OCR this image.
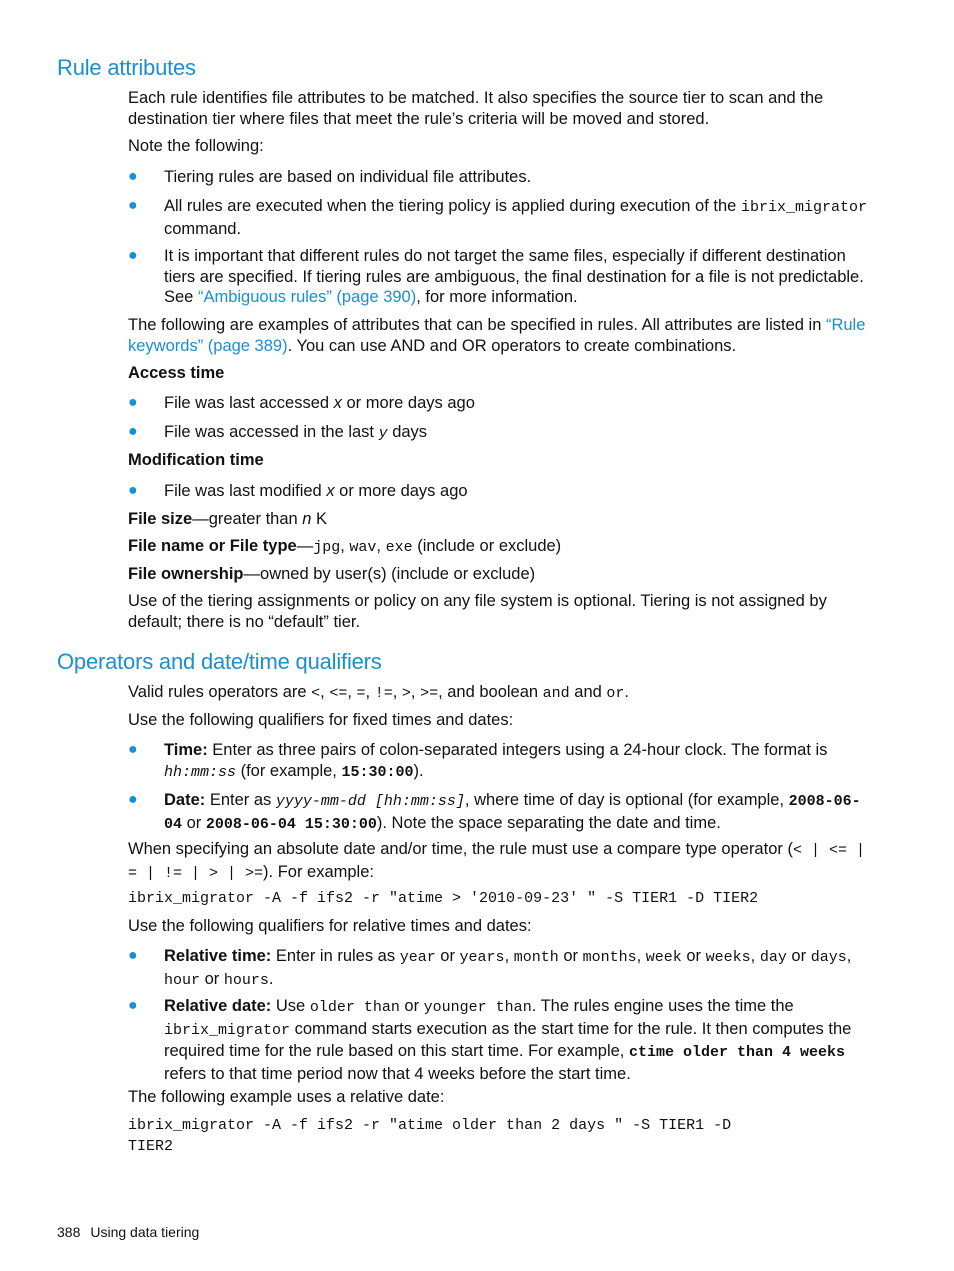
Rule attributes

Each rule identifies file attributes to be matched. It also specifies the source tier to scan and the destination tier where files that meet the rule’s criteria will be moved and stored.

Note the following:

● Tiering rules are based on individual file attributes.

● All rules are executed when the tiering policy is applied during execution of the ibrix_migrator command.

● It is important that different rules do not target the same files, especially if different destination tiers are specified. If tiering rules are ambiguous, the final destination for a file is not predictable. See “Ambiguous rules” (page 390), for more information.

The following are examples of attributes that can be specified in rules. All attributes are listed in “Rule keywords” (page 389). You can use AND and OR operators to create combinations.

Access time

● File was last accessed x or more days ago

● File was accessed in the last y days

Modification time

● File was last modified x or more days ago

File size—greater than n K

File name or File type—jpg, wav, exe (include or exclude)

File ownership—owned by user(s) (include or exclude)

Use of the tiering assignments or policy on any file system is optional. Tiering is not assigned by default; there is no “default” tier.

Operators and date/time qualifiers

Valid rules operators are <, <=, =, !=, >, >=, and boolean and and or.

Use the following qualifiers for fixed times and dates:

● Time: Enter as three pairs of colon-separated integers using a 24-hour clock. The format is hh:mm:ss (for example, 15:30:00).

● Date: Enter as yyyy-mm-dd [hh:mm:ss], where time of day is optional (for example, 2008-06-04 or 2008-06-04 15:30:00). Note the space separating the date and time.

When specifying an absolute date and/or time, the rule must use a compare type operator (< | <= | = | != | > | >=). For example:

ibrix_migrator -A -f ifs2 -r "atime > '2010-09-23' " -S TIER1 -D TIER2

Use the following qualifiers for relative times and dates:

● Relative time: Enter in rules as year or years, month or months, week or weeks, day or days, hour or hours.

● Relative date: Use older than or younger than. The rules engine uses the time the ibrix_migrator command starts execution as the start time for the rule. It then computes the required time for the rule based on this start time. For example, ctime older than 4 weeks refers to that time period now that 4 weeks before the start time.

The following example uses a relative date:

ibrix_migrator -A -f ifs2 -r "atime older than 2 days " -S TIER1 -D
TIER2

388 Using data tiering
